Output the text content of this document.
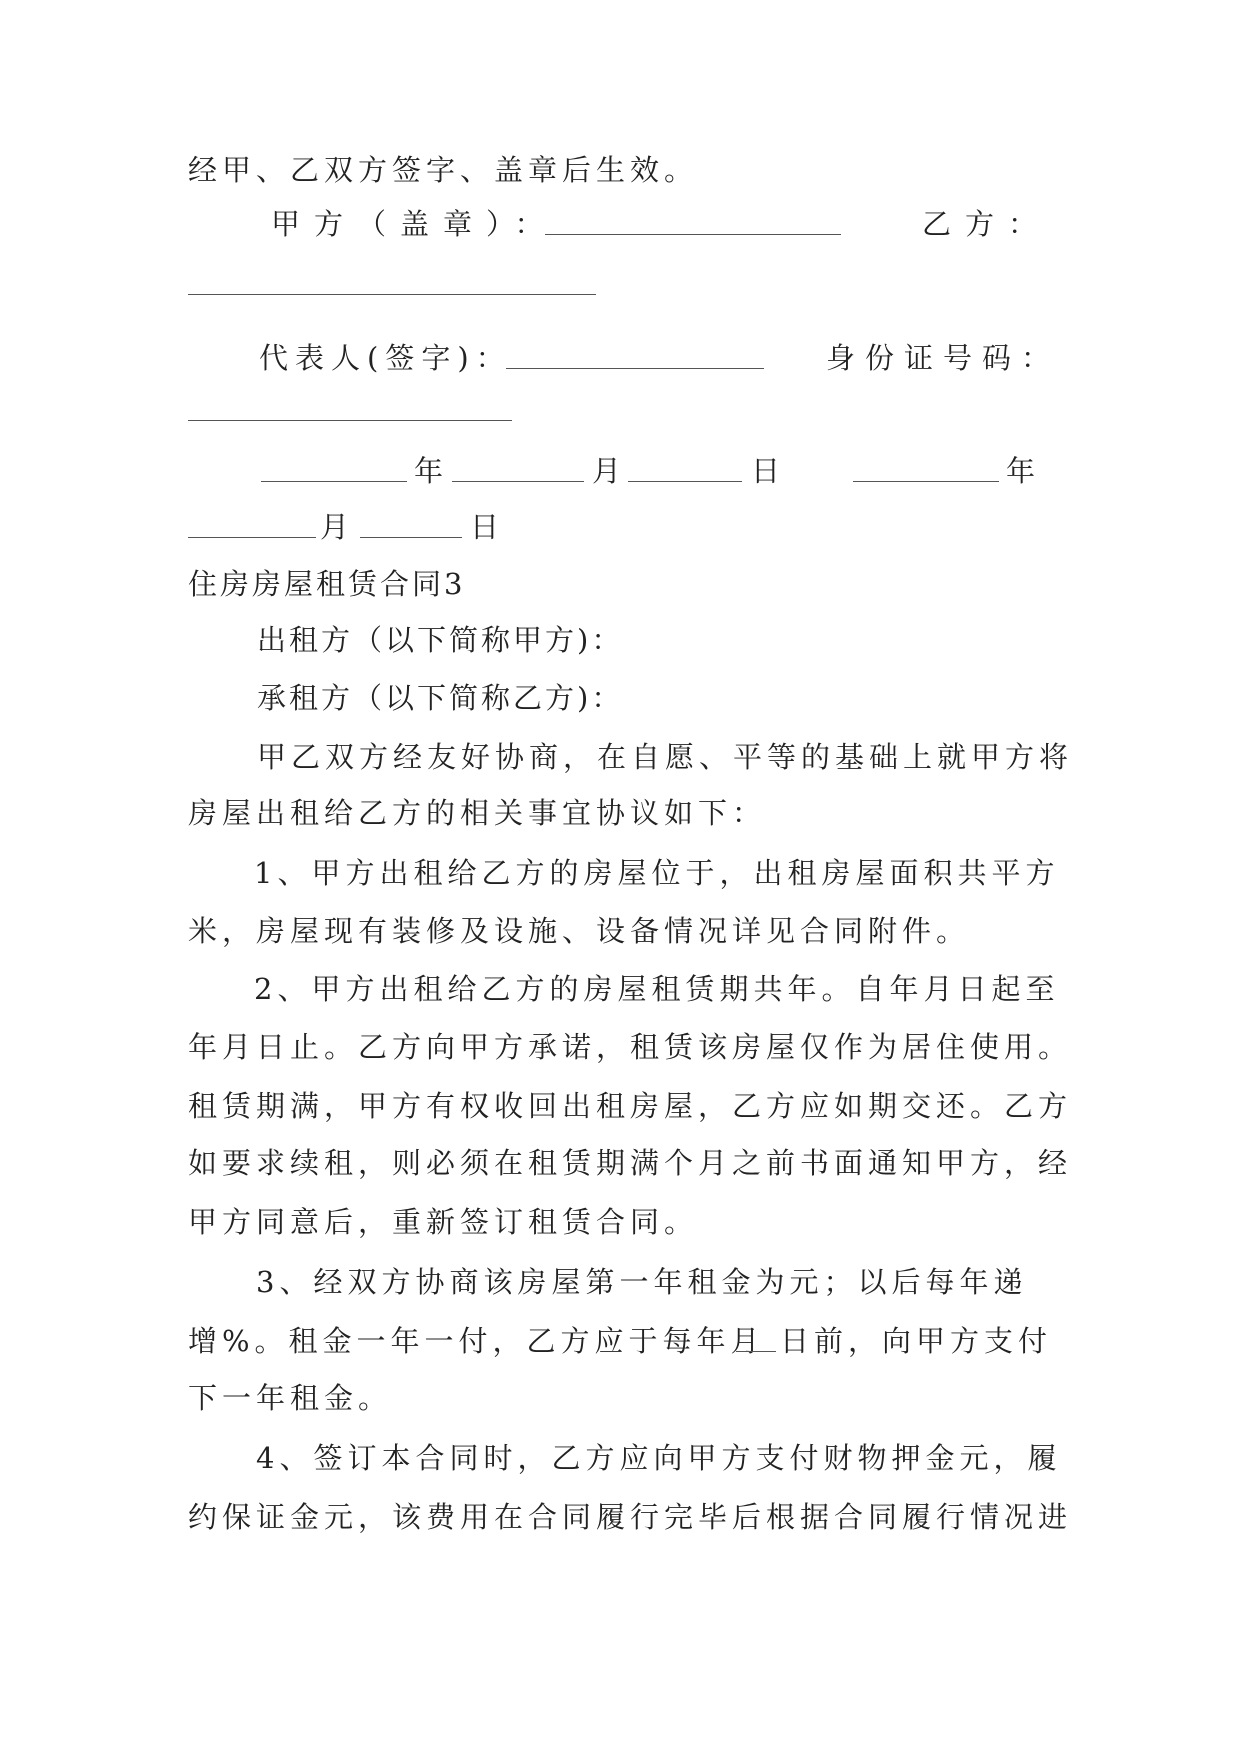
经甲、乙双方签字、盖章后生效。
甲方（盖章）：	乙方：
代表人(签字)：	身份证号码：
年	月	日	年
月	日
住房房屋租赁合同3
出租方（以下简称甲方)：
承租方（以下简称乙方)：
甲乙双方经友好协商，在自愿、平等的基础上就甲方将
房屋出租给乙方的相关事宜协议如下：
1、甲方出租给乙方的房屋位于，出租房屋面积共平方
米，房屋现有装修及设施、设备情况详见合同附件。
2、甲方出租给乙方的房屋租赁期共年。自年月日起至
年月日止。乙方向甲方承诺，租赁该房屋仅作为居住使用。
租赁期满，甲方有权收回出租房屋，乙方应如期交还。乙方
如要求续租，则必须在租赁期满个月之前书面通知甲方，经
甲方同意后，重新签订租赁合同。
3、经双方协商该房屋第一年租金为元；以后每年递
增%。租金一年一付，乙方应于每年月 日前，向甲方支付
下一年租金。
4、签订本合同时，乙方应向甲方支付财物押金元，履
约保证金元，该费用在合同履行完毕后根据合同履行情况进
